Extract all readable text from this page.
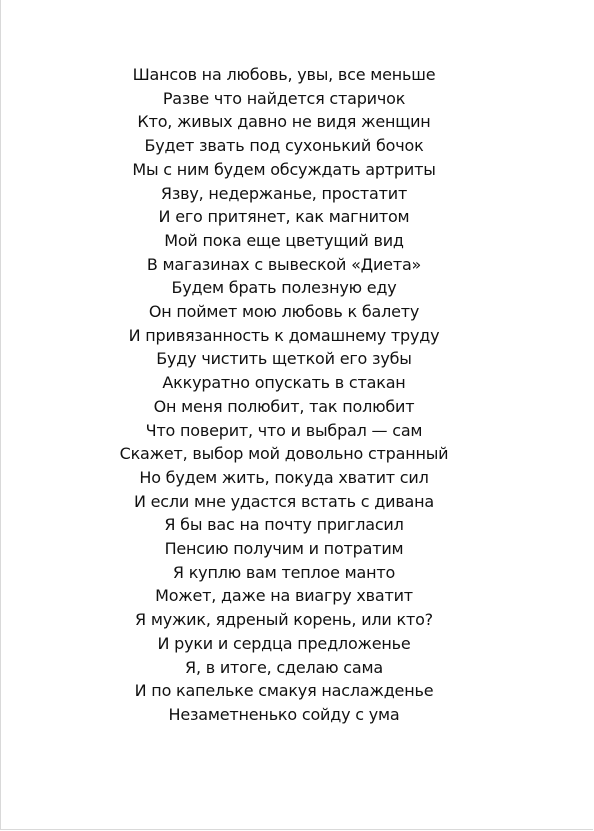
Шансов на любовь, увы, все меньше
Разве что найдется старичок
Кто, живых давно не видя женщин
Будет звать под сухонький бочок
Мы с ним будем обсуждать артриты
Язву, недержанье, простатит
И его притянет, как магнитом
Мой пока еще цветущий вид
В магазинах с вывеской «Диета»
Будем брать полезную еду
Он поймет мою любовь к балету
И привязанность к домашнему труду
Буду чистить щеткой его зубы
Аккуратно опускать в стакан
Он меня полюбит, так полюбит
Что поверит, что и выбрал — сам
Скажет, выбор мой довольно странный
Но будем жить, покуда хватит сил
И если мне удастся встать с дивана
Я бы вас на почту пригласил
Пенсию получим и потратим
Я куплю вам теплое манто
Может, даже на виагру хватит
Я мужик, ядреный корень, или кто?
И руки и сердца предложенье
Я, в итоге, сделаю сама
И по капельке смакуя наслажденье
Незаметненько сойду с ума
